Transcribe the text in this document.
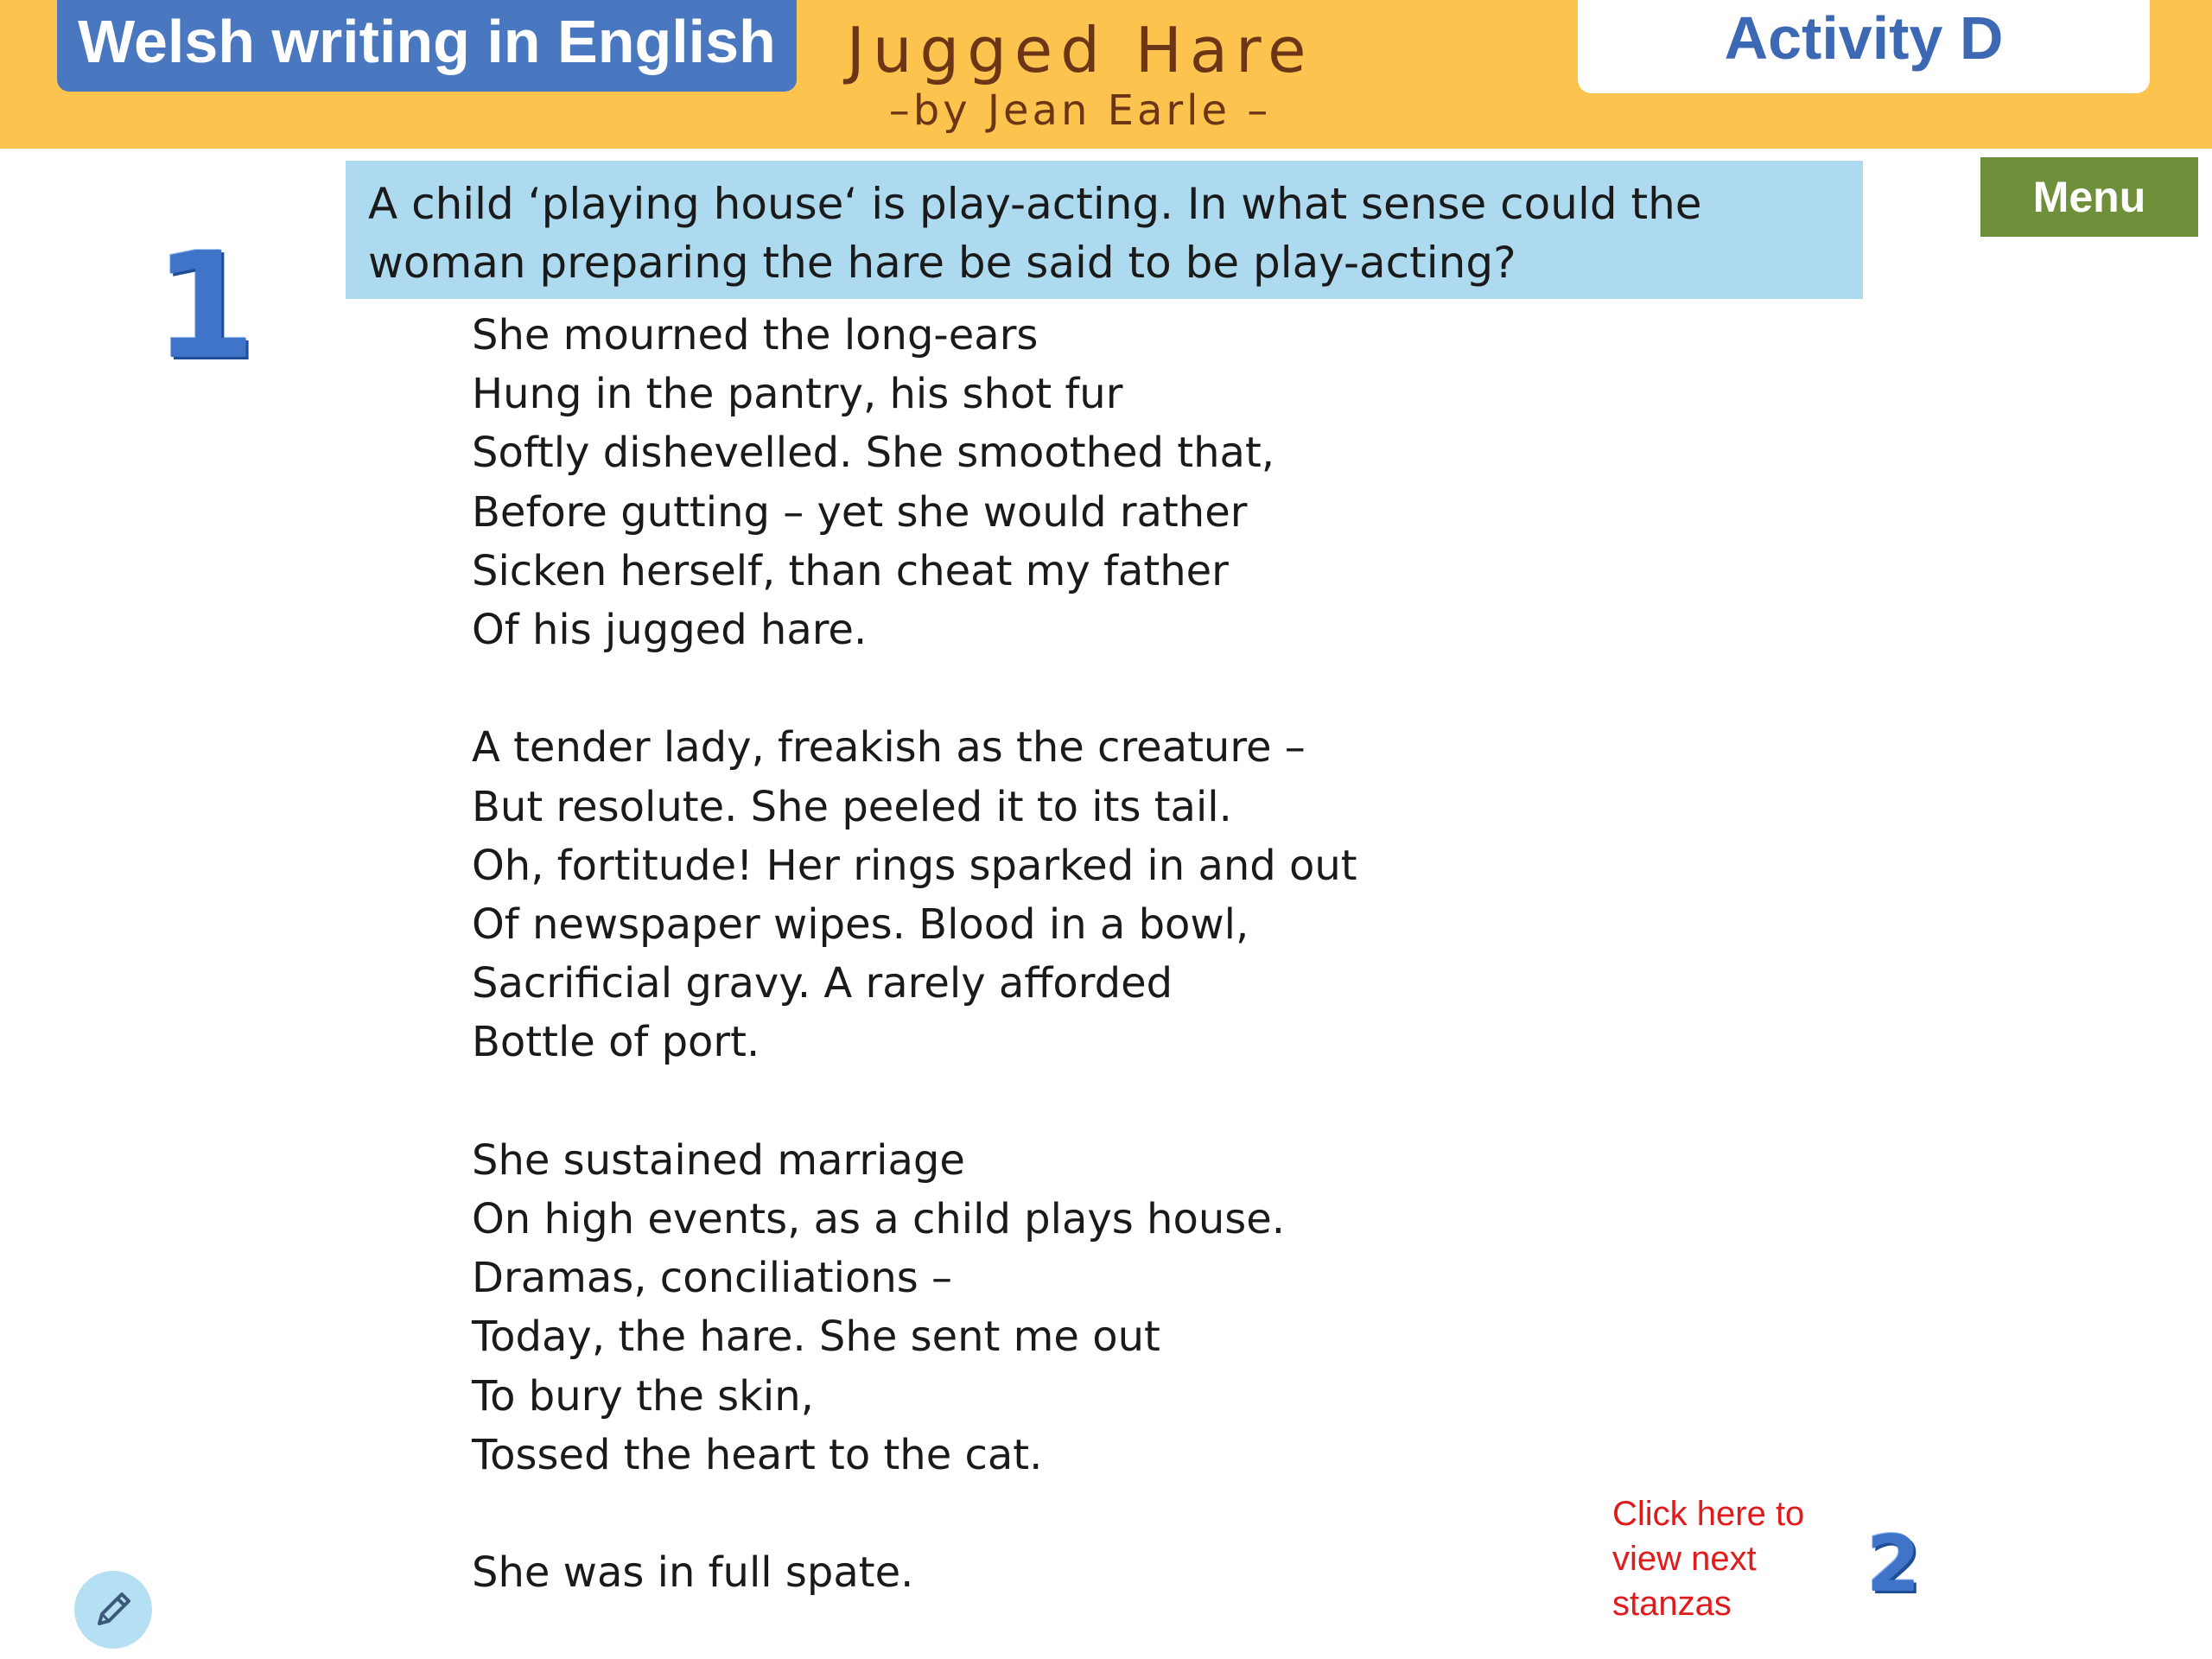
Welsh writing in English	Jugged Hare
–by Jean Earle –
Activity D
A child ‘playing house‘ is play-acting. In what sense could the woman preparing the hare be said to be play-acting?
Menu
1	She mourned the long-ears
Hung in the pantry, his shot fur
Softly dishevelled. She smoothed that,
Before gutting – yet she would rather
Sicken herself, than cheat my father
Of his jugged hare.
A tender lady, freakish as the creature –
But resolute. She peeled it to its tail.
Oh, fortitude! Her rings sparked in and out
Of newspaper wipes. Blood in a bowl,
Sacrificial gravy. A rarely afforded
Bottle of port.
She sustained marriage
On high events, as a child plays house.
Dramas, conciliations –
Today, the hare. She sent me out
To bury the skin,
Tossed the heart to the cat.
She was in full spate.
Click here to
view next
stanzas	2
